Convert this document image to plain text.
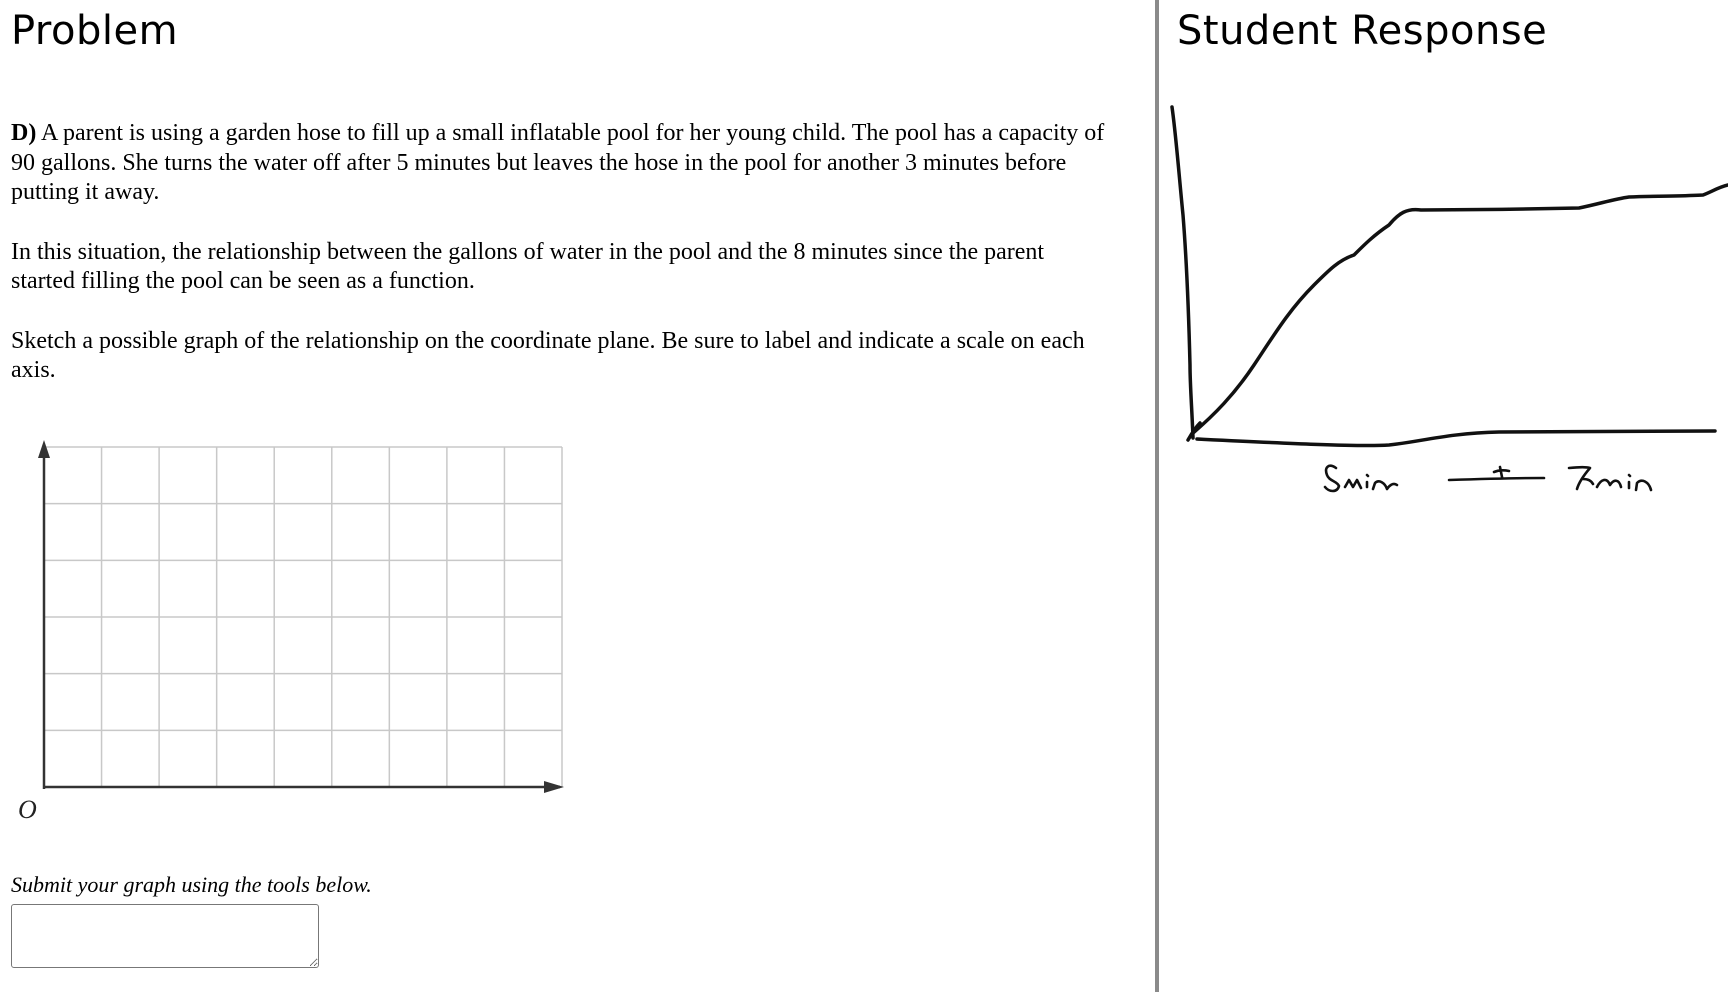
Problem

D) A parent is using a garden hose to fill up a small inflatable pool for her young child. The pool has a capacity of 90 gallons. She turns the water off after 5 minutes but leaves the hose in the pool for another 3 minutes before putting it away.

In this situation, the relationship between the gallons of water in the pool and the 8 minutes since the parent started filling the pool can be seen as a function.

Sketch a possible graph of the relationship on the coordinate plane. Be sure to label and indicate a scale on each axis.

O
Submit your graph using the tools below.
Student Response
5 min
+
3 min
